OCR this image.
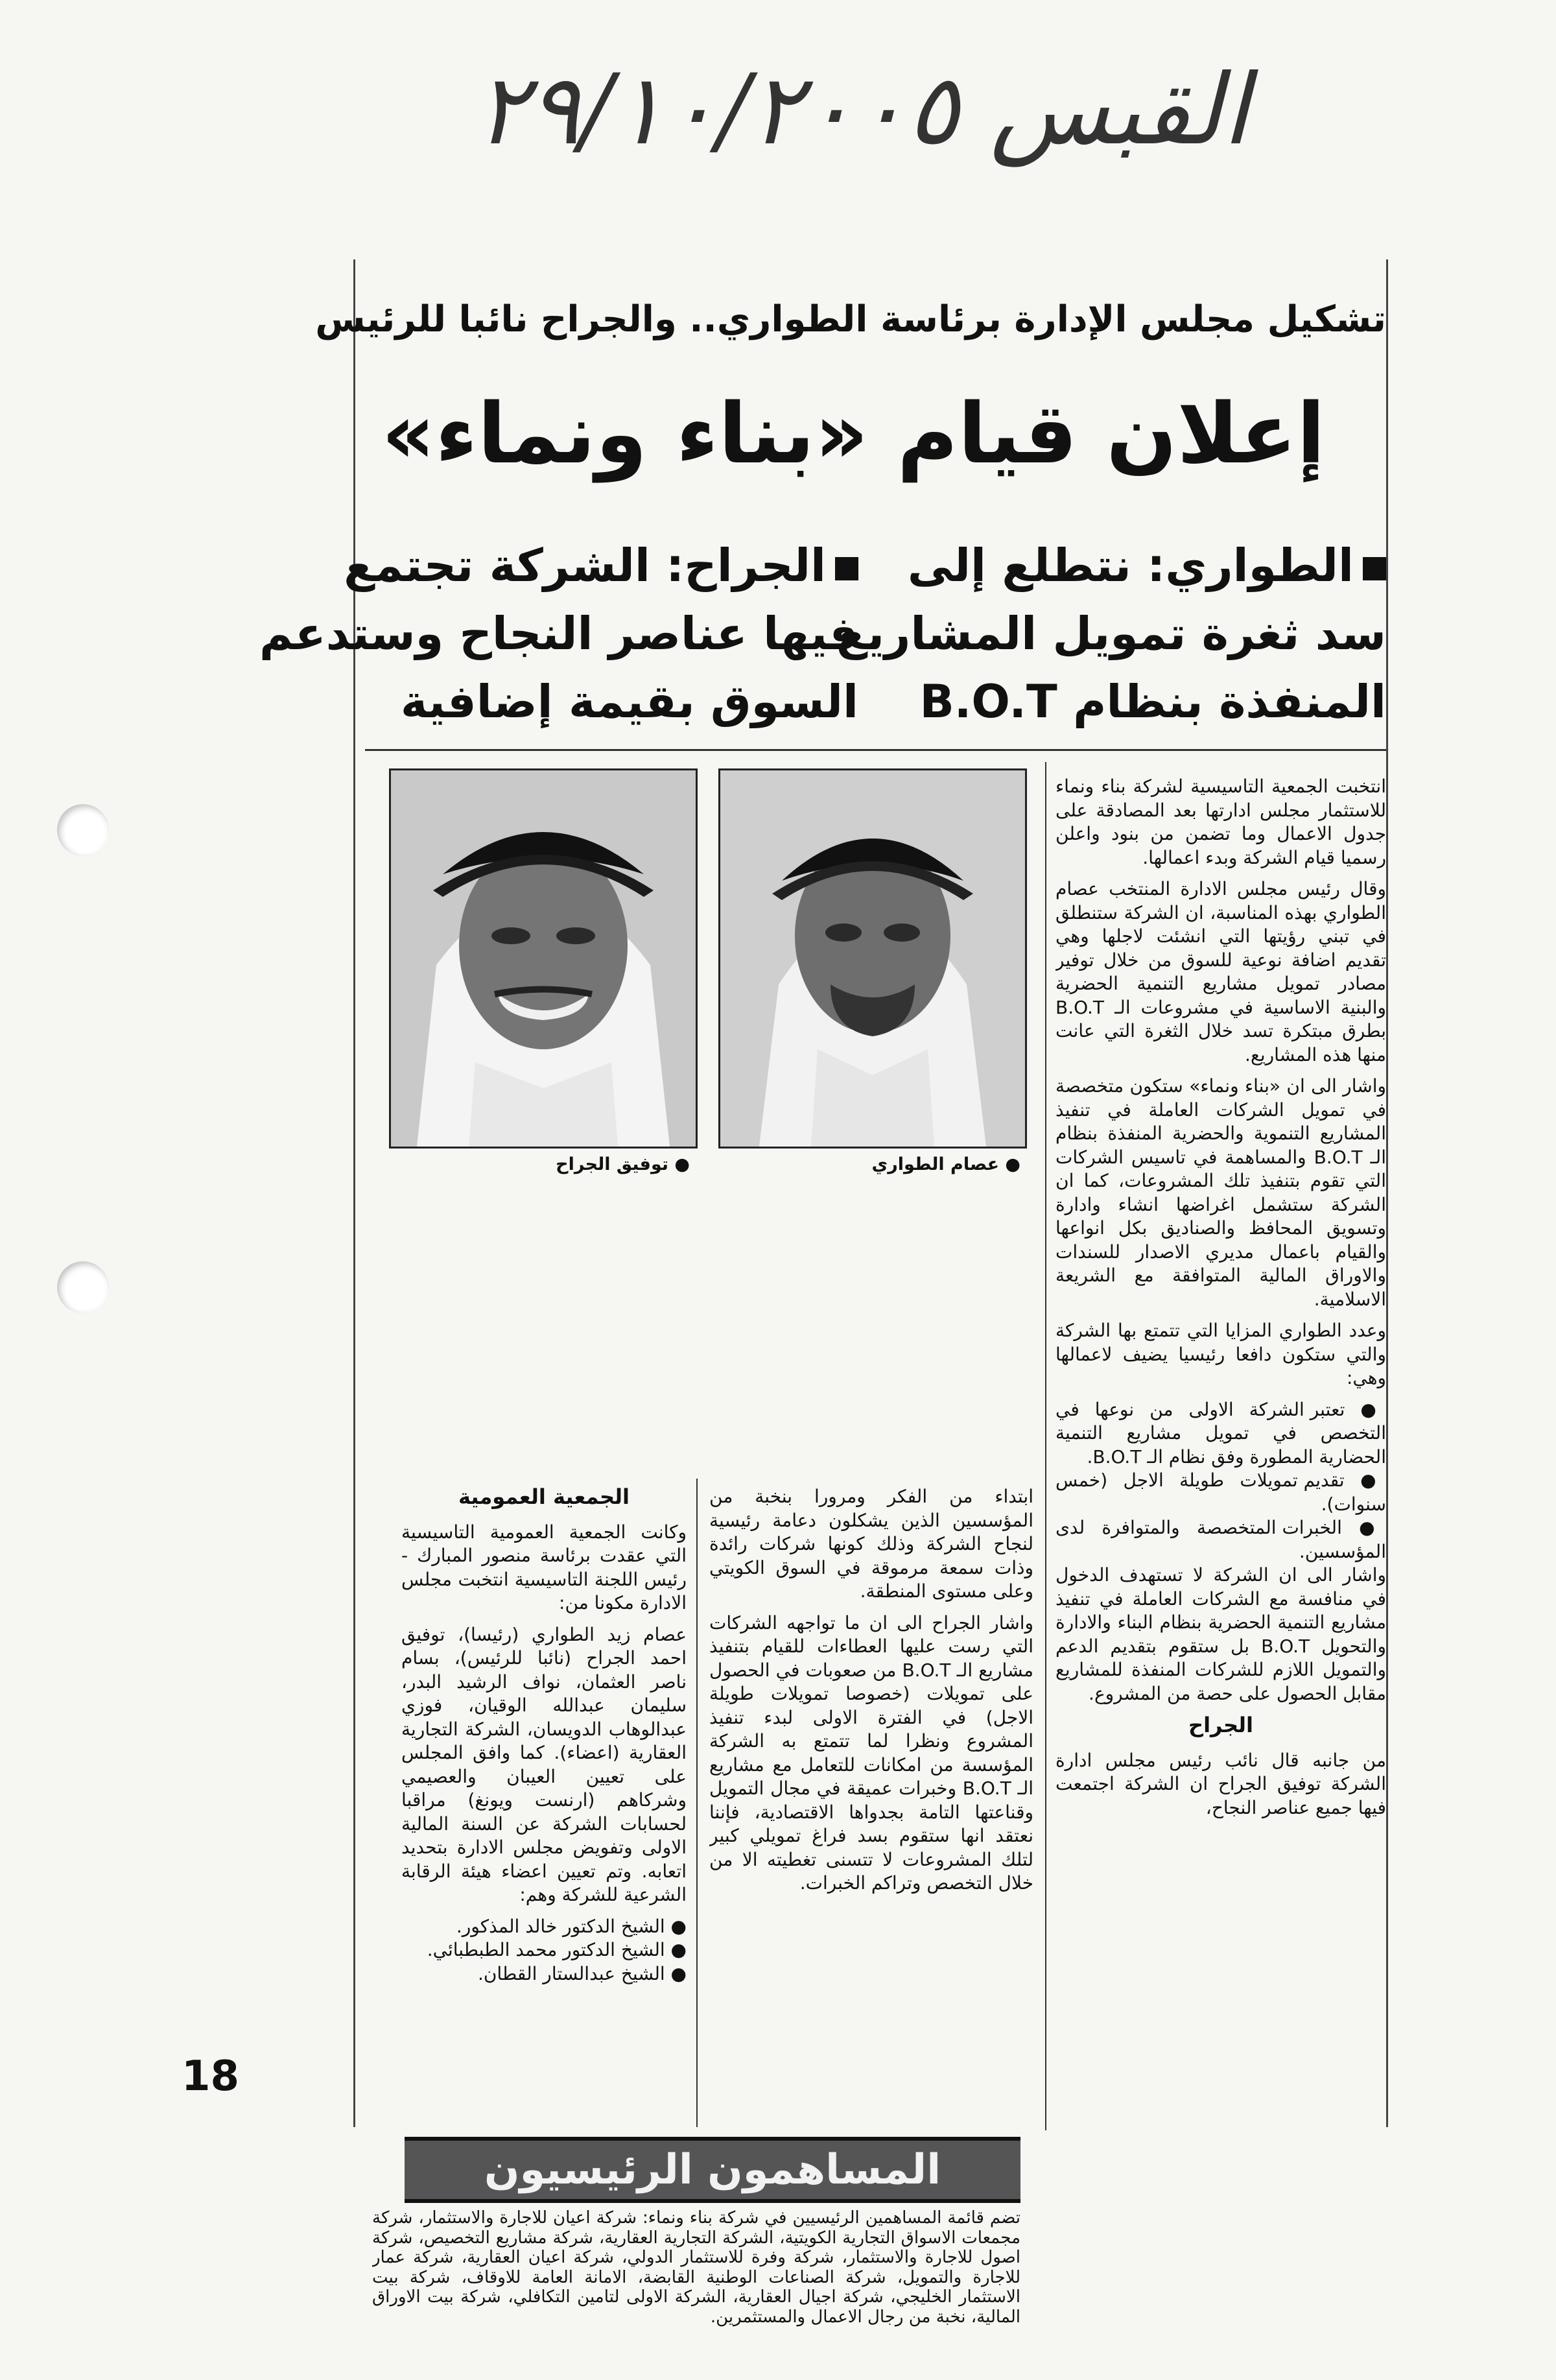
القبس ٢٩/١٠/٢٠٠٥
تشكيل مجلس الإدارة برئاسة الطواري.. والجراح نائبا للرئيس
إعلان قيام «بناء ونماء»
الطواري: نتطلع إلى
سد ثغرة تمويل المشاريع
المنفذة بنظام B.O.T
الجراح: الشركة تجتمع
فيها عناصر النجاح وستدعم
السوق بقيمة إضافية
● عصام الطواري
● توفيق الجراح

انتخبت الجمعية التاسيسية لشركة بناء ونماء للاستثمار مجلس ادارتها بعد المصادقة على جدول الاعمال وما تضمن من بنود واعلن رسميا قيام الشركة وبدء اعمالها.

وقال رئيس مجلس الادارة المنتخب عصام الطواري بهذه المناسبة، ان الشركة ستنطلق في تبني رؤيتها التي انشئت لاجلها وهي تقديم اضافة نوعية للسوق من خلال توفير مصادر تمويل مشاريع التنمية الحضرية والبنية الاساسية في مشروعات الـ B.O.T بطرق مبتكرة تسد خلال الثغرة التي عانت منها هذه المشاريع.

واشار الى ان «بناء ونماء» ستكون متخصصة في تمويل الشركات العاملة في تنفيذ المشاريع التنموية والحضرية المنفذة بنظام الـ B.O.T والمساهمة في تاسيس الشركات التي تقوم بتنفيذ تلك المشروعات، كما ان الشركة ستشمل اغراضها انشاء وادارة وتسويق المحافظ والصناديق بكل انواعها والقيام باعمال مديري الاصدار للسندات والاوراق المالية المتوافقة مع الشريعة الاسلامية.

وعدد الطواري المزايا التي تتمتع بها الشركة والتي ستكون دافعا رئيسيا يضيف لاعمالها وهي:

● تعتبر الشركة الاولى من نوعها في التخصص في تمويل مشاريع التنمية الحضارية المطورة وفق نظام الـ B.O.T.
● تقديم تمويلات طويلة الاجل (خمس سنوات).
● الخبرات المتخصصة والمتوافرة لدى المؤسسين.

واشار الى ان الشركة لا تستهدف الدخول في منافسة مع الشركات العاملة في تنفيذ مشاريع التنمية الحضرية بنظام البناء والادارة والتحويل B.O.T بل ستقوم بتقديم الدعم والتمويل اللازم للشركات المنفذة للمشاريع مقابل الحصول على حصة من المشروع.

الجراح

من جانبه قال نائب رئيس مجلس ادارة الشركة توفيق الجراح ان الشركة اجتمعت فيها جميع عناصر النجاح،

ابتداء من الفكر ومرورا بنخبة من المؤسسين الذين يشكلون دعامة رئيسية لنجاح الشركة وذلك كونها شركات رائدة وذات سمعة مرموقة في السوق الكويتي وعلى مستوى المنطقة.

واشار الجراح الى ان ما تواجهه الشركات التي رست عليها العطاءات للقيام بتنفيذ مشاريع الـ B.O.T من صعوبات في الحصول على تمويلات (خصوصا تمويلات طويلة الاجل) في الفترة الاولى لبدء تنفيذ المشروع ونظرا لما تتمتع به الشركة المؤسسة من امكانات للتعامل مع مشاريع الـ B.O.T وخبرات عميقة في مجال التمويل وقناعتها التامة بجدواها الاقتصادية، فإننا نعتقد انها ستقوم بسد فراغ تمويلي كبير لتلك المشروعات لا تتسنى تغطيته الا من خلال التخصص وتراكم الخبرات.

الجمعية العمومية

وكانت الجمعية العمومية التاسيسية التي عقدت برئاسة منصور المبارك - رئيس اللجنة التاسيسية انتخبت مجلس الادارة مكونا من:

عصام زيد الطواري (رئيسا)، توفيق احمد الجراح (نائبا للرئيس)، بسام ناصر العثمان، نواف الرشيد البدر، سليمان عبدالله الوقيان، فوزي عبدالوهاب الدويسان، الشركة التجارية العقارية (اعضاء). كما وافق المجلس على تعيين العيبان والعصيمي وشركاهم (ارنست ويونغ) مراقبا لحسابات الشركة عن السنة المالية الاولى وتفويض مجلس الادارة بتحديد اتعابه. وتم تعيين اعضاء هيئة الرقابة الشرعية للشركة وهم:

● الشيخ الدكتور خالد المذكور.
● الشيخ الدكتور محمد الطبطبائي.
● الشيخ عبدالستار القطان.

المساهمون الرئيسيون
تضم قائمة المساهمين الرئيسيين في شركة بناء ونماء: شركة اعيان للاجارة والاستثمار، شركة مجمعات الاسواق التجارية الكويتية، الشركة التجارية العقارية، شركة مشاريع التخصيص، شركة اصول للاجارة والاستثمار، شركة وفرة للاستثمار الدولي، شركة اعيان العقارية، شركة عمار للاجارة والتمويل، شركة الصناعات الوطنية القابضة، الامانة العامة للاوقاف، شركة بيت الاستثمار الخليجي، شركة اجيال العقارية، الشركة الاولى لتامين التكافلي، شركة بيت الاوراق المالية، نخبة من رجال الاعمال والمستثمرين.
18
